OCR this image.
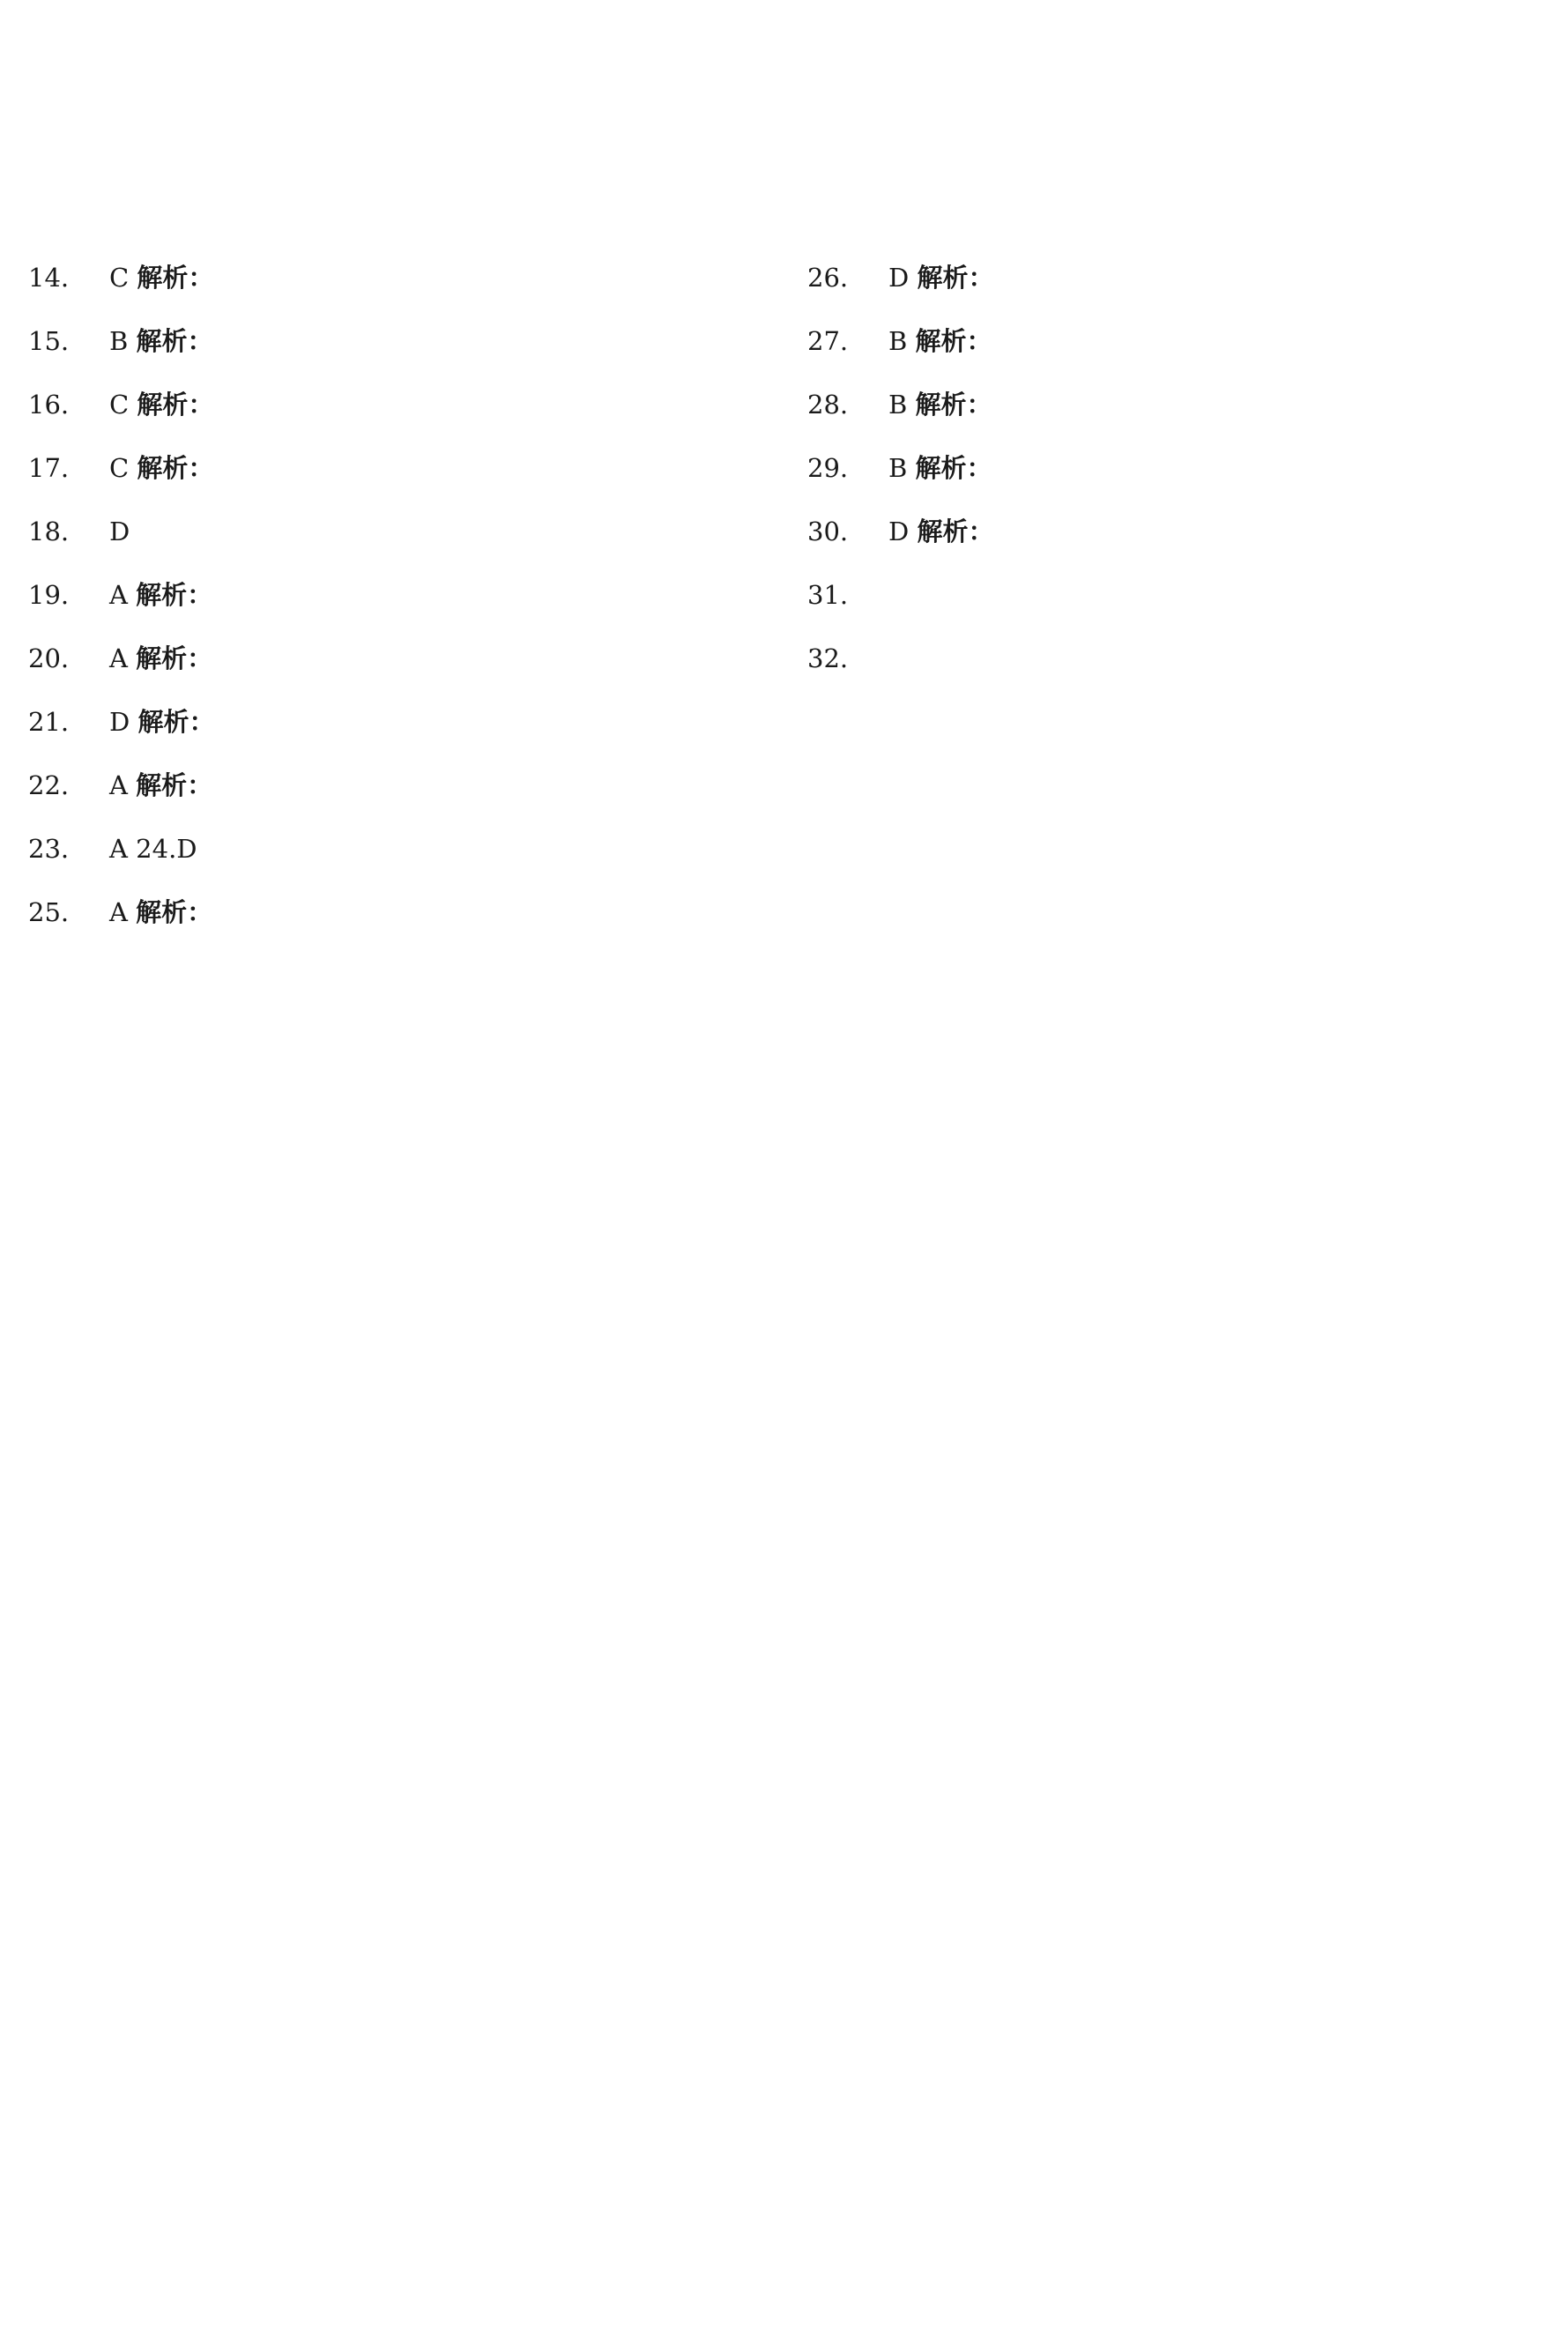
14. C 解析：

15. B 解析：

16. C 解析：

17. C 解析：

18. D

19. A 解析：

20. A 解析：

21. D 解析：

22. A 解析：

23. A 24.D

25. A 解析：

26. D 解析：

27. B 解析：

28. B 解析：

29. B 解析：

30. D 解析：

31.

32.
